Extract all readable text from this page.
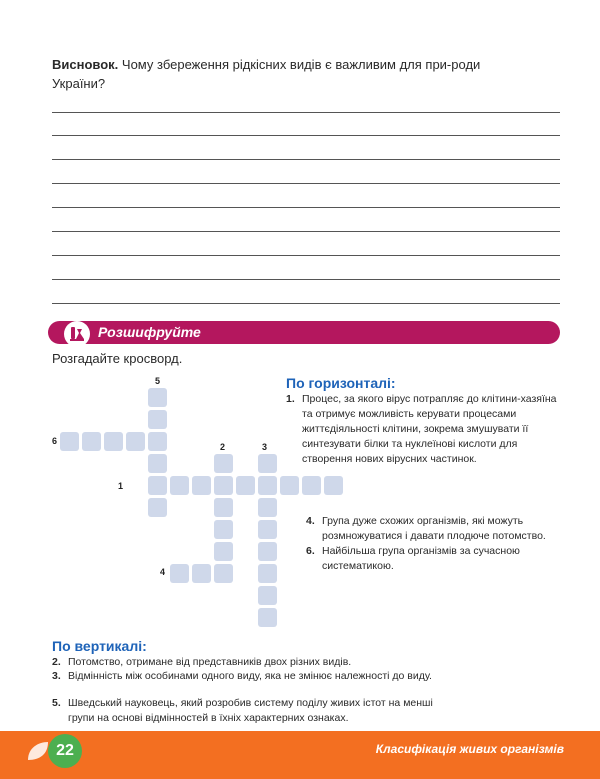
Висновок. Чому збереження рідкісних видів є важливим для при-роди України?
Розшифруйте
Розгадайте кросворд.
5
6
2	3
1
4
По горизонталі:
1. Процес, за якого вірус потрапляє до клітини-хазяїна та отримує можливість керувати процесами життєдіяльності клітини, зокрема змушувати її синтезувати білки та нуклеїнові кислоти для створення нових вірусних частинок.
4. Група дуже схожих організмів, які можуть розмножуватися і давати плодюче потомство.
6. Найбільша група організмів за сучасною систематикою.
По вертикалі:
2. Потомство, отримане від представників двох різних видів.
3. Відмінність між особинами одного виду, яка не змінює належності до виду.
5. Шведський науковець, який розробив систему поділу живих істот на менші групи на основі відмінностей в їхніх характерних ознаках.
22	Класифікація живих організмів
